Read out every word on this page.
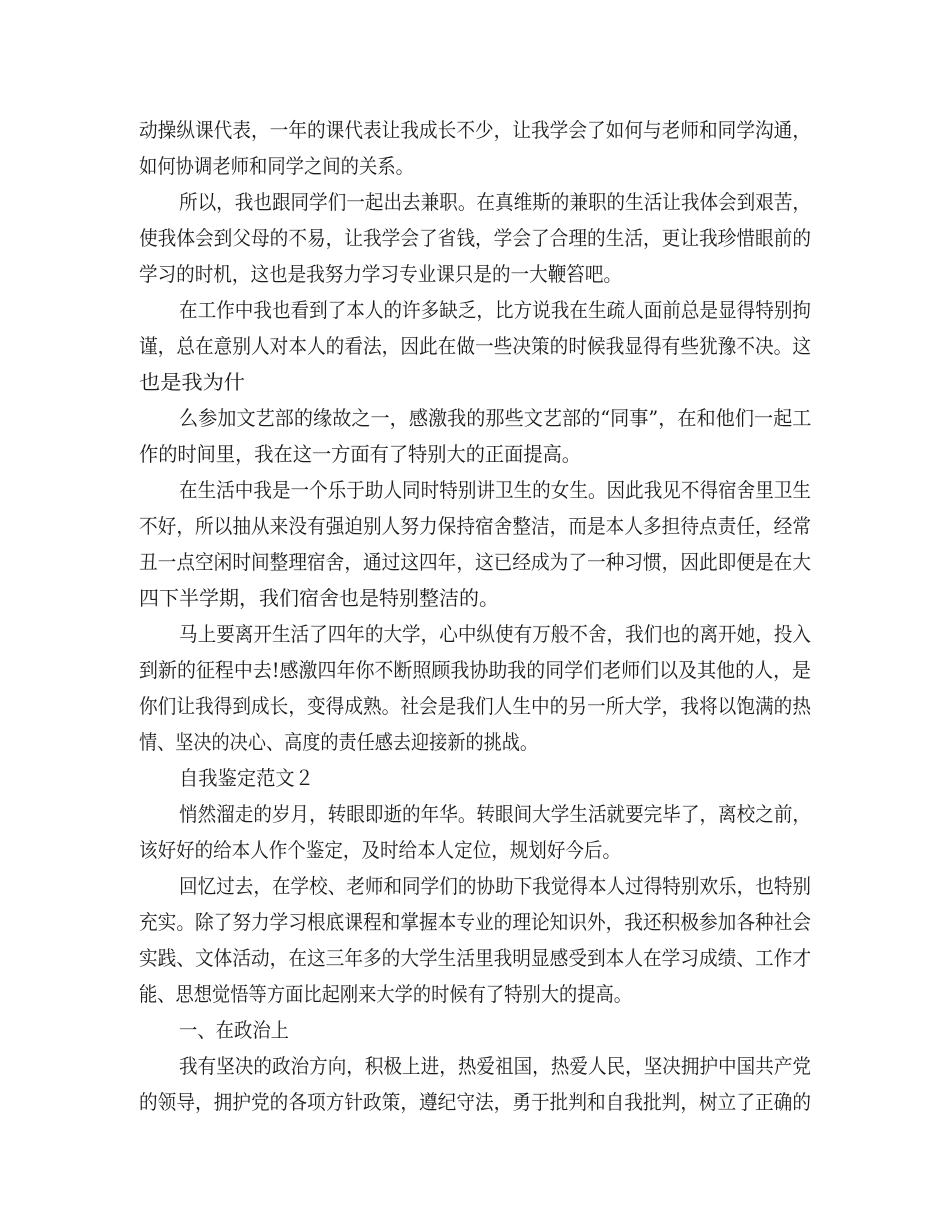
动操纵课代表，一年的课代表让我成长不少，让我学会了如何与老师和同学沟通，
如何协调老师和同学之间的关系。
所以，我也跟同学们一起出去兼职。在真维斯的兼职的生活让我体会到艰苦，
使我体会到父母的不易，让我学会了省钱，学会了合理的生活，更让我珍惜眼前的
学习的时机，这也是我努力学习专业课只是的一大鞭笞吧。
在工作中我也看到了本人的许多缺乏，比方说我在生疏人面前总是显得特别拘
谨，总在意别人对本人的看法，因此在做一些决策的时候我显得有些犹豫不决。这
也是我为什
么参加文艺部的缘故之一，感激我的那些文艺部的“同事”，在和他们一起工
作的时间里，我在这一方面有了特别大的正面提高。
在生活中我是一个乐于助人同时特别讲卫生的女生。因此我见不得宿舍里卫生
不好，所以抽从来没有强迫别人努力保持宿舍整洁，而是本人多担待点责任，经常
丑一点空闲时间整理宿舍，通过这四年，这已经成为了一种习惯，因此即便是在大
四下半学期，我们宿舍也是特别整洁的。
马上要离开生活了四年的大学，心中纵使有万般不舍，我们也的离开她，投入
到新的征程中去!感激四年你不断照顾我协助我的同学们老师们以及其他的人，是
你们让我得到成长，变得成熟。社会是我们人生中的另一所大学，我将以饱满的热
情、坚决的决心、高度的责任感去迎接新的挑战。
自我鉴定范文２
悄然溜走的岁月，转眼即逝的年华。转眼间大学生活就要完毕了，离校之前，
该好好的给本人作个鉴定，及时给本人定位，规划好今后。
回忆过去，在学校、老师和同学们的协助下我觉得本人过得特别欢乐，也特别
充实。除了努力学习根底课程和掌握本专业的理论知识外，我还积极参加各种社会
实践、文体活动，在这三年多的大学生活里我明显感受到本人在学习成绩、工作才
能、思想觉悟等方面比起刚来大学的时候有了特别大的提高。
一、在政治上
我有坚决的政治方向，积极上进，热爱祖国，热爱人民，坚决拥护中国共产党
的领导，拥护党的各项方针政策，遵纪守法，勇于批判和自我批判，树立了正确的
